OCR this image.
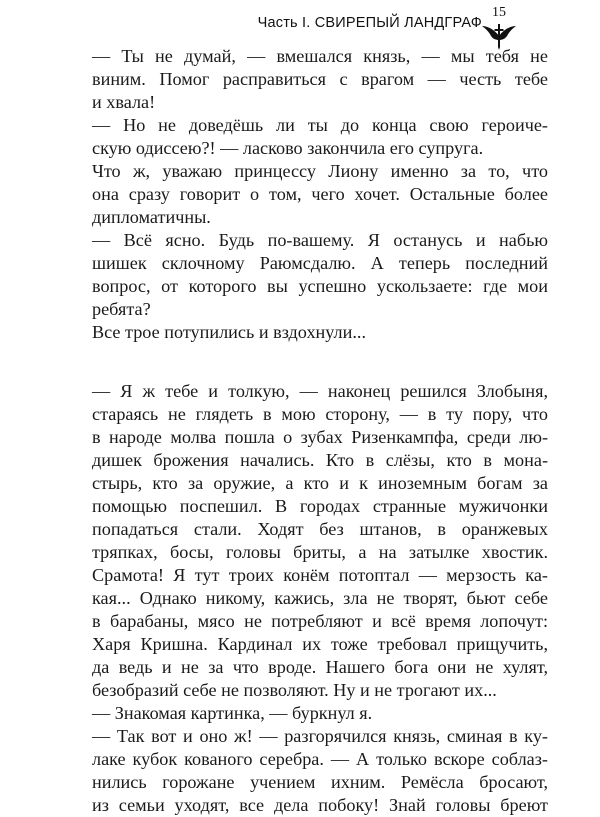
Часть I. СВИРЕПЫЙ ЛАНДГРАФ
15

— Ты не думай, — вмешался князь, — мы тебя не
виним. Помог расправиться с врагом — честь тебе
и хвала!

— Но не доведёшь ли ты до конца свою героиче-
скую одиссею?! — ласково закончила его супруга.

Что ж, уважаю принцессу Лиону именно за то, что
она сразу говорит о том, чего хочет. Остальные более
дипломатичны.

— Всё ясно. Будь по-вашему. Я останусь и набью
шишек склочному Раюмсдалю. А теперь последний
вопрос, от которого вы успешно ускользаете: где мои
ребята?

Все трое потупились и вздохнули...

— Я ж тебе и толкую, — наконец решился Злобыня,
стараясь не глядеть в мою сторону, — в ту пору, что
в народе молва пошла о зубах Ризенкампфа, среди лю-
дишек брожения начались. Кто в слёзы, кто в мона-
стырь, кто за оружие, а кто и к иноземным богам за
помощью поспешил. В городах странные мужичонки
попадаться стали. Ходят без штанов, в оранжевых
тряпках, босы, головы бриты, а на затылке хвостик.
Срамота! Я тут троих конём потоптал — мерзость ка-
кая... Однако никому, кажись, зла не творят, бьют себе
в барабаны, мясо не потребляют и всё время лопочут:
Харя Кришна. Кардинал их тоже требовал прищучить,
да ведь и не за что вроде. Нашего бога они не хулят,
безобразий себе не позволяют. Ну и не трогают их...

— Знакомая картинка, — буркнул я.

— Так вот и оно ж! — разгорячился князь, сминая в ку-
лаке кубок кованого серебра. — А только вскоре соблаз-
нились горожане учением ихним. Ремёсла бросают,
из семьи уходят, все дела побоку! Знай головы бреют
